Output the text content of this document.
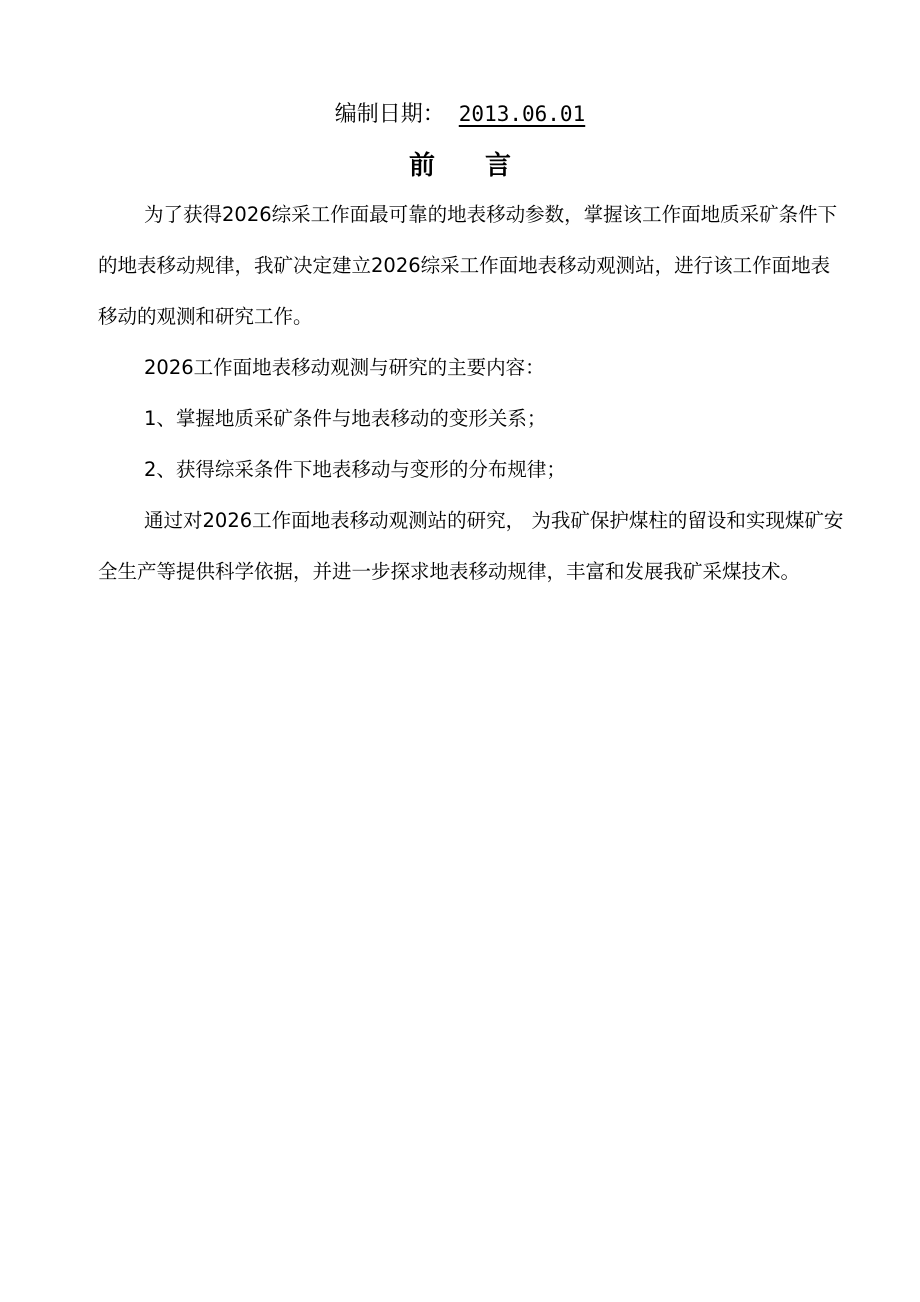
编制日期： 2013.06.01
前言

为了获得2026综采工作面最可靠的地表移动参数，掌握该工作面地质采矿条件下的地表移动规律，我矿决定建立2026综采工作面地表移动观测站，进行该工作面地表移动的观测和研究工作。

2026工作面地表移动观测与研究的主要内容：

1、掌握地质采矿条件与地表移动的变形关系；

2、获得综采条件下地表移动与变形的分布规律；

通过对2026工作面地表移动观测站的研究， 为我矿保护煤柱的留设和实现煤矿安全生产等提供科学依据，并进一步探求地表移动规律，丰富和发展我矿采煤技术。
